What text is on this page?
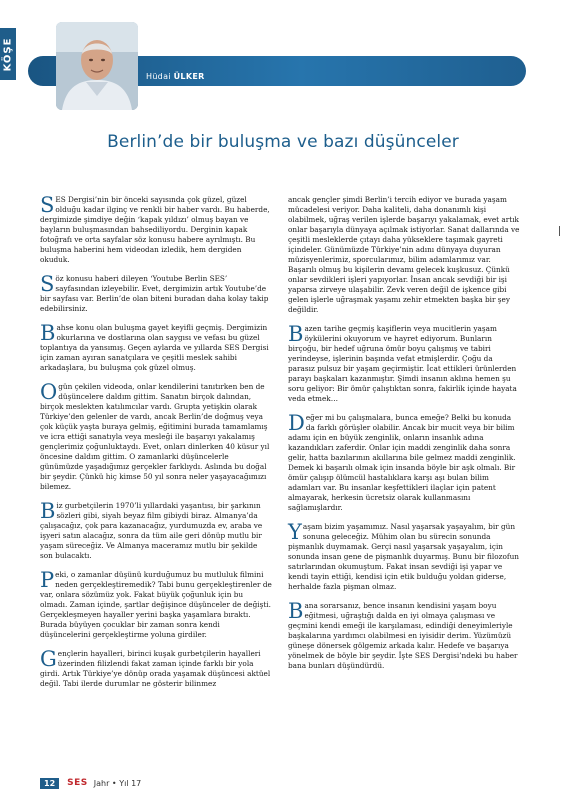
KÖŞE
Hüdai ÜLKER
Berlin’de bir buluşma ve bazı düşünceler

SES Dergisi’nin bir önceki sayısında çok güzel, güzel olduğu kadar ilginç ve renkli bir haber vardı. Bu haberde, dergimizde şimdiye değin ‘kapak yıldızı’ olmuş bayan ve bayların buluşmasından bahsediliyordu. Derginin kapak fotoğrafı ve orta sayfalar söz konusu habere ayrılmıştı. Bu buluşma haberini hem videodan izledik, hem dergiden okuduk.

Söz konusu haberi dileyen ‘Youtube Berlin SES’ sayfasından izleyebilir. Evet, dergimizin artık Youtube’de bir sayfası var. Berlin’de olan biteni buradan daha kolay takip edebilirsiniz.

Bahse konu olan buluşma gayet keyifli geçmiş. Dergimizin okurlarına ve dostlarına olan saygısı ve vefası bu güzel toplantıya da yansımış. Geçen aylarda ve yıllarda SES Dergisi için zaman ayıran sanatçılara ve çeşitli meslek sahibi arkadaşlara, bu buluşma çok güzel olmuş.

Ogün çekilen videoda, onlar kendilerini tanıtırken ben de düşüncelere daldım gittim. Sanatın birçok dalından, birçok meslekten katılımcılar vardı. Grupta yetişkin olarak Türkiye’den gelenler de vardı, ancak Berlin’de doğmuş veya çok küçük yaşta buraya gelmiş, eğitimini burada tamamlamış ve icra ettiği sanatıyla veya mesleği ile başarıyı yakalamış gençlerimiz çoğunluktaydı. Evet, onları dinlerken 40 küsur yıl öncesine daldım gittim. O zamanlarki düşüncelerle günümüzde yaşadığımız gerçekler farklıydı. Aslında bu doğal bir şeydir. Çünkü hiç kimse 50 yıl sonra neler yaşayacağımızı bilemez.

Biz gurbetçilerin 1970’li yıllardaki yaşantısı, bir şarkının sözleri gibi, siyah beyaz film gibiydi biraz. Almanya’da çalışacağız, çok para kazanacağız, yurdumuzda ev, araba ve işyeri satın alacağız, sonra da tüm aile geri dönüp mutlu bir yaşam süreceğiz. Ve Almanya maceramız mutlu bir şekilde son bulacaktı.

Peki, o zamanlar düşünü kurduğumuz bu mutluluk filmini neden gerçekleştiremedik? Tabi bunu gerçekleştirenler de var, onlara sözümüz yok. Fakat büyük çoğunluk için bu olmadı. Zaman içinde, şartlar değişince düşünceler de değişti. Gerçekleşmeyen hayaller yerini başka yaşamlara bıraktı. Burada büyüyen çocuklar bir zaman sonra kendi düşüncelerini gerçekleştirme yoluna girdiler.

Gençlerin hayalleri, birinci kuşak gurbetçilerin hayalleri üzerinden filizlendi fakat zaman içinde farklı bir yola girdi. Artık Türkiye’ye dönüp orada yaşamak düşüncesi aktüel değil. Tabi ilerde durumlar ne gösterir bilinmez

ancak gençler şimdi Berlin’i tercih ediyor ve burada yaşam mücadelesi veriyor. Daha kaliteli, daha donanımlı kişi olabilmek, uğraş verilen işlerde başarıyı yakalamak, evet artık onlar başarıyla dünyaya açılmak istiyorlar. Sanat dallarında ve çeşitli mesleklerde çıtayı daha yükseklere taşımak gayreti içindeler. Günümüzde Türkiye’nin adını dünyaya duyuran müzisyenlerimiz, sporcularımız, bilim adamlarımız var. Başarılı olmuş bu kişilerin devamı gelecek kuşkusuz. Çünkü onlar sevdikleri işleri yapıyorlar. İnsan ancak sevdiği bir işi yaparsa zirveye ulaşabilir. Zevk veren değil de işkence gibi gelen işlerle uğraşmak yaşamı zehir etmekten başka bir şey değildir.

Bazen tarihe geçmiş kaşiflerin veya mucitlerin yaşam öykülerini okuyorum ve hayret ediyorum. Bunların birçoğu, bir hedef uğruna ömür boyu çalışmış ve tabiri yerindeyse, işlerinin başında vefat etmişlerdir. Çoğu da parasız pulsuz bir yaşam geçirmiştir. İcat ettikleri ürünlerden parayı başkaları kazanmıştır. Şimdi insanın aklına hemen şu soru geliyor: Bir ömür çalıştıktan sonra, fakirlik içinde hayata veda etmek…

Değer mi bu çalışmalara, bunca emeğe? Belki bu konuda da farklı görüşler olabilir. Ancak bir mucit veya bir bilim adamı için en büyük zenginlik, onların insanlık adına kazandıkları zaferdir. Onlar için maddi zenginlik daha sonra gelir, hatta bazılarının akıllarına bile gelmez maddi zenginlik. Demek ki başarılı olmak için insanda böyle bir aşk olmalı. Bir ömür çalışıp ölümcül hastalıklara karşı aşı bulan bilim adamları var. Bu insanlar keşfettikleri ilaçlar için patent almayarak, herkesin ücretsiz olarak kullanmasını sağlamışlardır.

Yaşam bizim yaşamımız. Nasıl yaşarsak yaşayalım, bir gün sonuna geleceğiz. Mühim olan bu sürecin sonunda pişmanlık duymamak. Gerçi nasıl yaşarsak yaşayalım, için sonunda insan gene de pişmanlık duyarmış. Bunu bir filozofun satırlarından okumuştum. Fakat insan sevdiği işi yapar ve kendi tayin ettiği, kendisi için etik bulduğu yoldan giderse, herhalde fazla pişman olmaz.

Bana sorarsanız, bence insanın kendisini yaşam boyu eğitmesi, uğraştığı dalda en iyi olmaya çalışması ve geçmini kendi emeği ile karşılaması, edindiği deneyimleriyle başkalarına yardımcı olabilmesi en iyisidir derim. Yüzümüzü güneşe dönersek gölgemiz arkada kalır. Hedefe ve başarıya yönelmek de böyle bir şeydir. İşte SES Dergisi’ndeki bu haber bana bunları düşündürdü.

12	SES Jahr • Yıl 17
